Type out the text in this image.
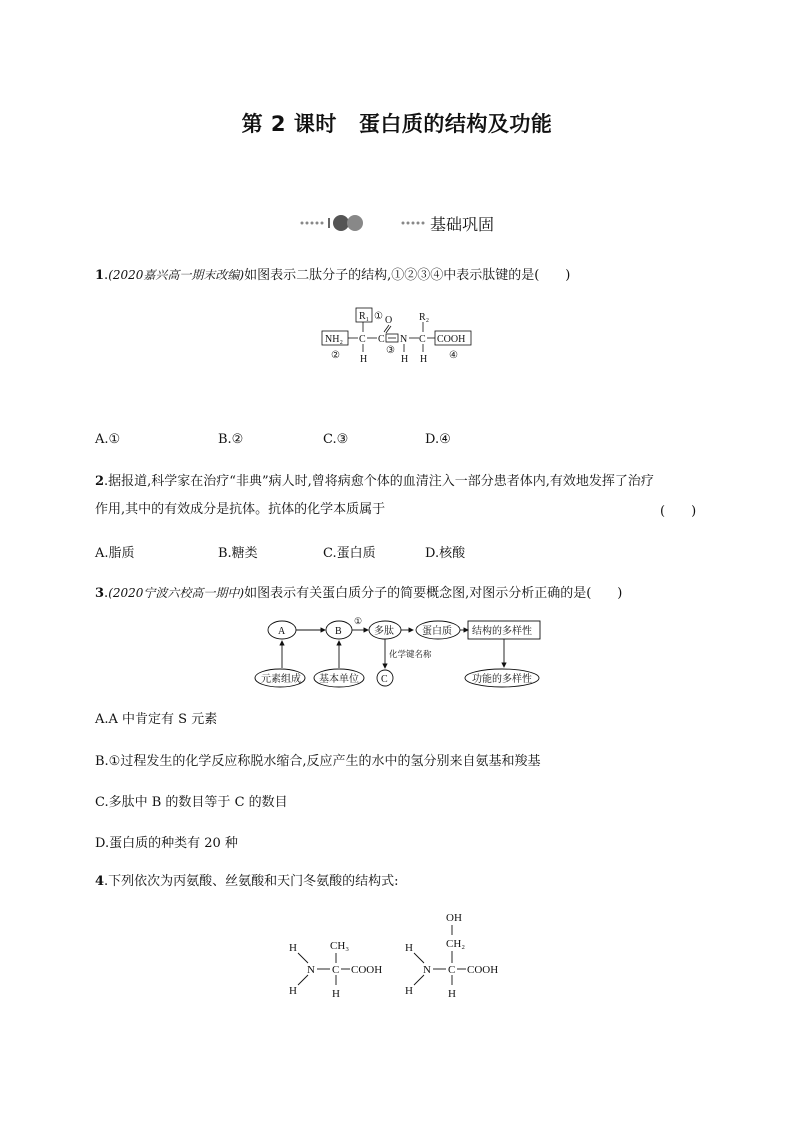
第 2 课时 蛋白质的结构及功能
基础巩固
1.(2020嘉兴高一期末改编)如图表示二肽分子的结构,①②③④中表示肽键的是(　　)
R₁ ① O
NH₂ C
H
C
③
N
H
R₂
C
H
COOH
②	④
A.①	B.②	C.③	D.④
2.据报道,科学家在治疗“非典”病人时,曾将病愈个体的血清注入一部分患者体内,有效地发挥了治疗
作用,其中的有效成分是抗体。抗体的化学本质属于	(　　)
A.脂质	B.糖类	C.蛋白质	D.核酸
3.(2020宁波六校高一期中)如图表示有关蛋白质分子的简要概念图,对图示分析正确的是(　　)
A	B
①
多肽	蛋白质 结构的多样性
功能的多样性
元素组成 基本单位
化学键名称
C
A.A 中肯定有 S 元素
B.①过程发生的化学反应称脱水缩合,反应产生的水中的氢分别来自氨基和羧基
C.多肽中 B 的数目等于 C 的数目
D.蛋白质的种类有 20 种
4.下列依次为丙氨酸、丝氨酸和天门冬氨酸的结构式:
CH₃
H
H
N C
H
COOH
OH
CH₂
H
H
N C
H
COOH
